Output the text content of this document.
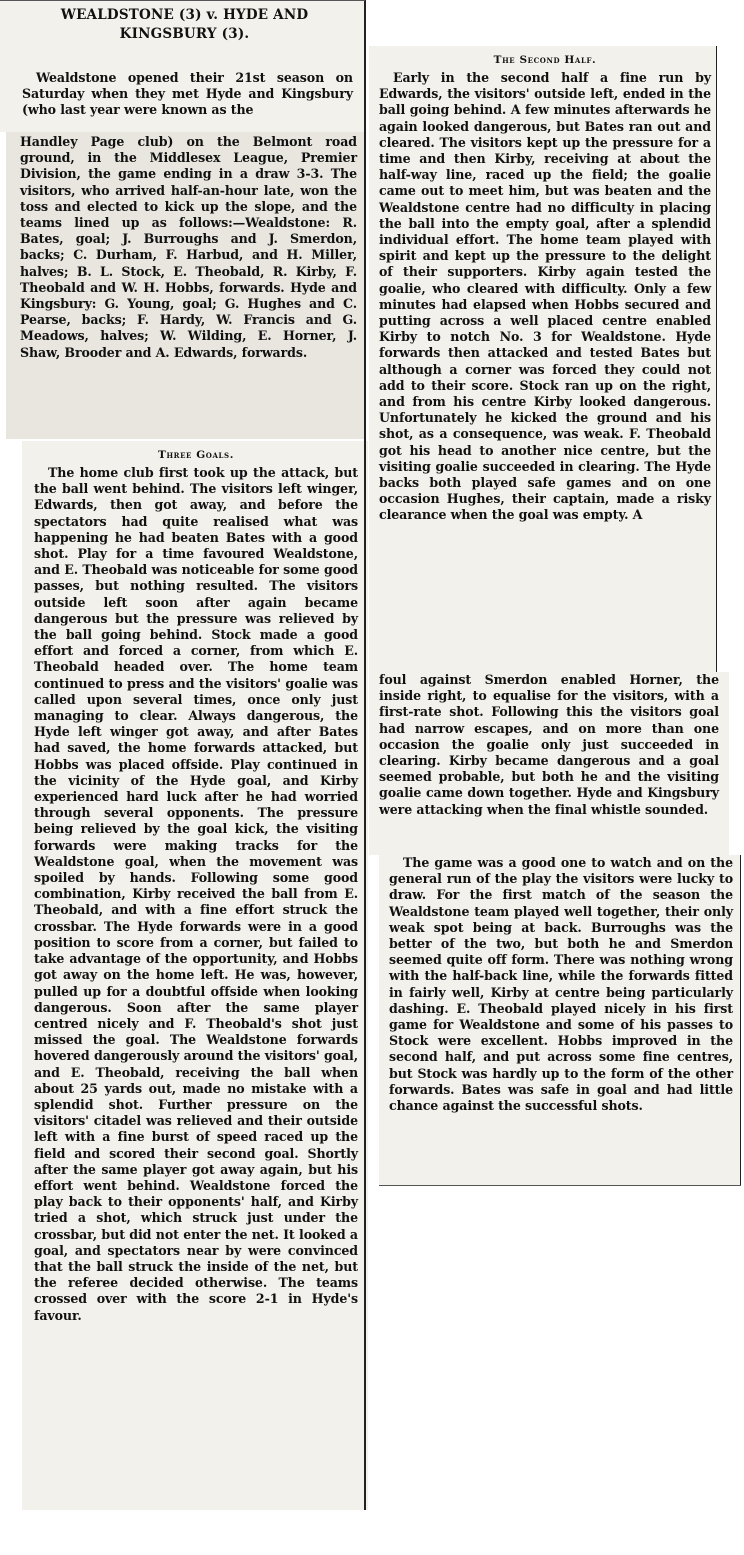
WEALDSTONE (3) v. HYDE AND KINGSBURY (3).

Wealdstone opened their 21st season on Saturday when they met Hyde and Kingsbury (who last year were known as the

Handley Page club) on the Belmont road ground, in the Middlesex League, Premier Division, the game ending in a draw 3-3. The visitors, who arrived half-an-hour late, won the toss and elected to kick up the slope, and the teams lined up as follows:—Wealdstone: R. Bates, goal; J. Burroughs and J. Smerdon, backs; C. Durham, F. Harbud, and H. Miller, halves; B. L. Stock, E. Theobald, R. Kirby, F. Theobald and W. H. Hobbs, forwards. Hyde and Kingsbury: G. Young, goal; G. Hughes and C. Pearse, backs; F. Hardy, W. Francis and G. Meadows, halves; W. Wilding, E. Horner, J. Shaw, Brooder and A. Edwards, forwards.

Three Goals.

The home club first took up the attack, but the ball went behind. The visitors left winger, Edwards, then got away, and before the spectators had quite realised what was happening he had beaten Bates with a good shot. Play for a time favoured Wealdstone, and E. Theobald was noticeable for some good passes, but nothing resulted. The visitors outside left soon after again became dangerous but the pressure was relieved by the ball going behind. Stock made a good effort and forced a corner, from which E. Theobald headed over. The home team continued to press and the visitors' goalie was called upon several times, once only just managing to clear. Always dangerous, the Hyde left winger got away, and after Bates had saved, the home forwards attacked, but Hobbs was placed offside. Play continued in the vicinity of the Hyde goal, and Kirby experienced hard luck after he had worried through several opponents. The pressure being relieved by the goal kick, the visiting forwards were making tracks for the Wealdstone goal, when the movement was spoiled by hands. Following some good combination, Kirby received the ball from E. Theobald, and with a fine effort struck the crossbar. The Hyde forwards were in a good position to score from a corner, but failed to take advantage of the opportunity, and Hobbs got away on the home left. He was, however, pulled up for a doubtful offside when looking dangerous. Soon after the same player centred nicely and F. Theobald's shot just missed the goal. The Wealdstone forwards hovered dangerously around the visitors' goal, and E. Theobald, receiving the ball when about 25 yards out, made no mistake with a splendid shot. Further pressure on the visitors' citadel was relieved and their outside left with a fine burst of speed raced up the field and scored their second goal. Shortly after the same player got away again, but his effort went behind. Wealdstone forced the play back to their opponents' half, and Kirby tried a shot, which struck just under the crossbar, but did not enter the net. It looked a goal, and spectators near by were convinced that the ball struck the inside of the net, but the referee decided otherwise. The teams crossed over with the score 2-1 in Hyde's favour.

The Second Half.

Early in the second half a fine run by Edwards, the visitors' outside left, ended in the ball going behind. A few minutes afterwards he again looked dangerous, but Bates ran out and cleared. The visitors kept up the pressure for a time and then Kirby, receiving at about the half-way line, raced up the field; the goalie came out to meet him, but was beaten and the Wealdstone centre had no difficulty in placing the ball into the empty goal, after a splendid individual effort. The home team played with spirit and kept up the pressure to the delight of their supporters. Kirby again tested the goalie, who cleared with difficulty. Only a few minutes had elapsed when Hobbs secured and putting across a well placed centre enabled Kirby to notch No. 3 for Wealdstone. Hyde forwards then attacked and tested Bates but although a corner was forced they could not add to their score. Stock ran up on the right, and from his centre Kirby looked dangerous. Unfortunately he kicked the ground and his shot, as a consequence, was weak. F. Theobald got his head to another nice centre, but the visiting goalie succeeded in clearing. The Hyde backs both played safe games and on one occasion Hughes, their captain, made a risky clearance when the goal was empty. A

foul against Smerdon enabled Horner, the inside right, to equalise for the visitors, with a first-rate shot. Following this the visitors goal had narrow escapes, and on more than one occasion the goalie only just succeeded in clearing. Kirby became dangerous and a goal seemed probable, but both he and the visiting goalie came down together. Hyde and Kingsbury were attacking when the final whistle sounded.

The game was a good one to watch and on the general run of the play the visitors were lucky to draw. For the first match of the season the Wealdstone team played well together, their only weak spot being at back. Burroughs was the better of the two, but both he and Smerdon seemed quite off form. There was nothing wrong with the half-back line, while the forwards fitted in fairly well, Kirby at centre being particularly dashing. E. Theobald played nicely in his first game for Wealdstone and some of his passes to Stock were excellent. Hobbs improved in the second half, and put across some fine centres, but Stock was hardly up to the form of the other forwards. Bates was safe in goal and had little chance against the successful shots.
